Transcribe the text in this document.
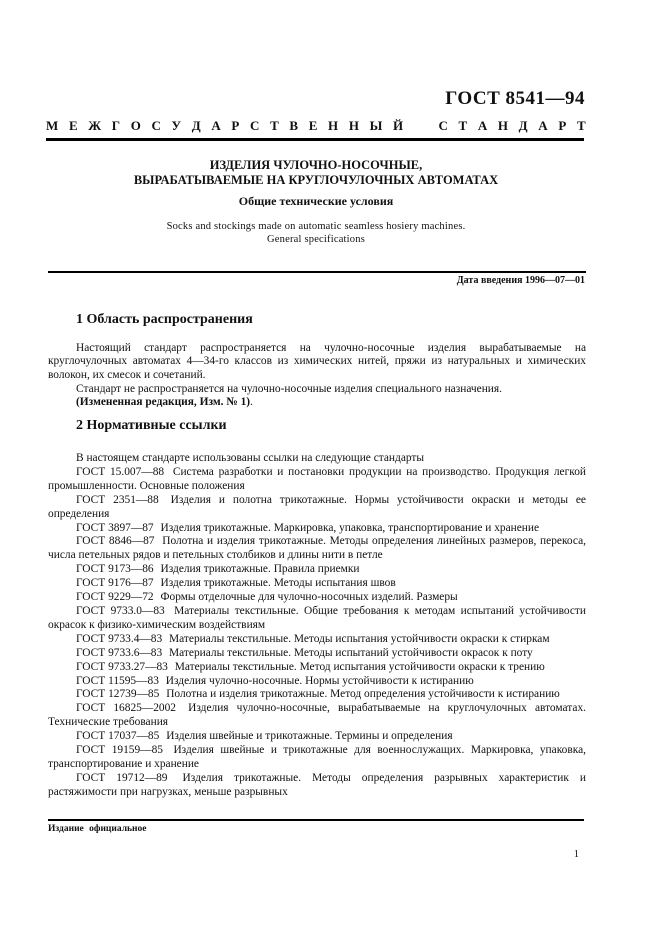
ГОСТ 8541—94
М Е Ж Г О С У Д А Р С Т В Е Н Н Ы Й	С Т А Н Д А Р Т
ИЗДЕЛИЯ ЧУЛОЧНО-НОСОЧНЫЕ,
ВЫРАБАТЫВАЕМЫЕ НА КРУГЛОЧУЛОЧНЫХ АВТОМАТАХ
Общие технические условия
Socks and stockings made on automatic seamless hosiery machines.
General specifications
Дата введения 1996—07—01
1 Область распространения
Настоящий стандарт распространяется на чулочно-носочные изделия вырабатываемые на круглочулочных автоматах 4—34-го классов из химических нитей, пряжи из натуральных и химических волокон, их смесок и сочетаний.
Стандарт не распространяется на чулочно-носочные изделия специального назначения.
(Измененная редакция, Изм. № 1).
2 Нормативные ссылки
В настоящем стандарте использованы ссылки на следующие стандарты
ГОСТ 15.007—88 Система разработки и постановки продукции на производство. Продукция легкой промышленности. Основные положения
ГОСТ 2351—88 Изделия и полотна трикотажные. Нормы устойчивости окраски и методы ее определения
ГОСТ 3897—87 Изделия трикотажные. Маркировка, упаковка, транспортирование и хранение
ГОСТ 8846—87 Полотна и изделия трикотажные. Методы определения линейных размеров, перекоса, числа петельных рядов и петельных столбиков и длины нити в петле
ГОСТ 9173—86 Изделия трикотажные. Правила приемки
ГОСТ 9176—87 Изделия трикотажные. Методы испытания швов
ГОСТ 9229—72 Формы отделочные для чулочно-носочных изделий. Размеры
ГОСТ 9733.0—83 Материалы текстильные. Общие требования к методам испытаний устойчивости окрасок к физико-химическим воздействиям
ГОСТ 9733.4—83 Материалы текстильные. Методы испытания устойчивости окраски к стиркам
ГОСТ 9733.6—83 Материалы текстильные. Методы испытаний устойчивости окрасок к поту
ГОСТ 9733.27—83 Материалы текстильные. Метод испытания устойчивости окраски к трению
ГОСТ 11595—83 Изделия чулочно-носочные. Нормы устойчивости к истиранию
ГОСТ 12739—85 Полотна и изделия трикотажные. Метод определения устойчивости к истиранию
ГОСТ 16825—2002 Изделия чулочно-носочные, вырабатываемые на круглочулочных автоматах. Технические требования
ГОСТ 17037—85 Изделия швейные и трикотажные. Термины и определения
ГОСТ 19159—85 Изделия швейные и трикотажные для военнослужащих. Маркировка, упаковка, транспортирование и хранение
ГОСТ 19712—89 Изделия трикотажные. Методы определения разрывных характеристик и растяжимости при нагрузках, меньше разрывных
Издание официальное
1
